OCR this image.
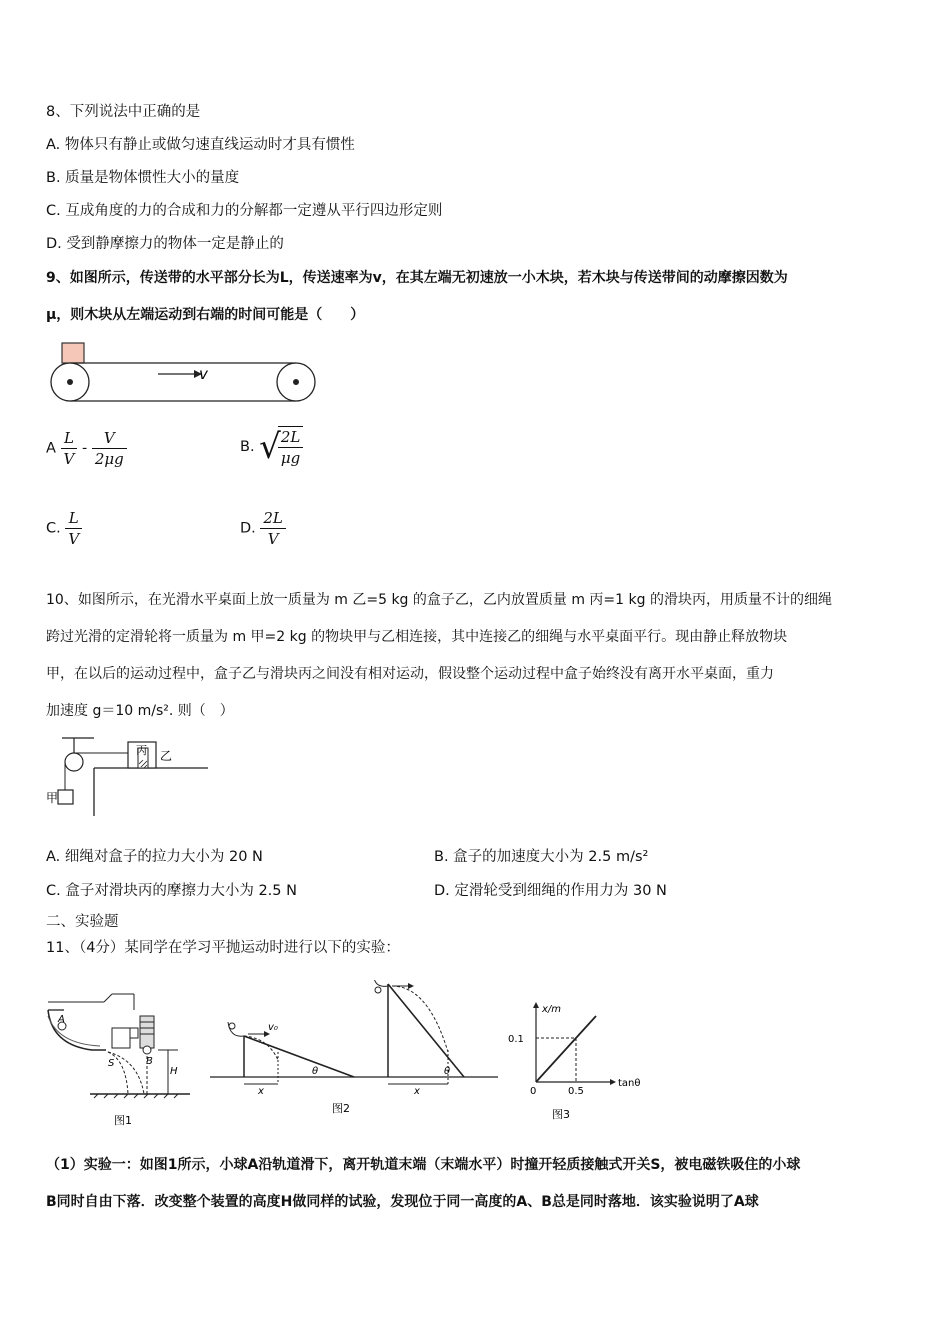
8、下列说法中正确的是
A. 物体只有静止或做匀速直线运动时才具有惯性
B. 质量是物体惯性大小的量度
C. 互成角度的力的合成和力的分解都一定遵从平行四边形定则
D. 受到静摩擦力的物体一定是静止的
9、如图所示，传送带的水平部分长为L，传送速率为v，在其左端无初速放一小木块，若木块与传送带间的动摩擦因数为
μ，则木块从左端运动到右端的时间可能是（　　）
v
A $\frac{L}{V} - \frac{V}{2\mu g}$	B. √
$\frac{2L}{\mu g}$
C. $\frac{L}{V}$	D. $\frac{2L}{V}$
10、如图所示，在光滑水平桌面上放一质量为 m 乙=5 kg 的盒子乙，乙内放置质量 m 丙=1 kg 的滑块丙，用质量不计的细绳
跨过光滑的定滑轮将一质量为 m 甲=2 kg 的物块甲与乙相连接，其中连接乙的细绳与水平桌面平行。现由静止释放物块
甲，在以后的运动过程中，盒子乙与滑块丙之间没有相对运动，假设整个运动过程中盒子始终没有离开水平桌面，重力
加速度 g＝10 m/s². 则（　）
甲
丙 乙
A. 细绳对盒子的拉力大小为 20 N	B. 盒子的加速度大小为 2.5 m/s²
C. 盒子对滑块丙的摩擦力大小为 2.5 N	D. 定滑轮受到细绳的作用力为 30 N
二、实验题
11、（4分）某同学在学习平抛运动时进行以下的实验：
A
B
S
H
图1
v₀
x
θ
x
θ
图2
x/m
tanθ
0
0.1
0.5
图3
（1）实验一：如图1所示，小球A沿轨道滑下，离开轨道末端（末端水平）时撞开轻质接触式开关S，被电磁铁吸住的小球
B同时自由下落．改变整个装置的高度H做同样的试验，发现位于同一高度的A、B总是同时落地．该实验说明了A球
